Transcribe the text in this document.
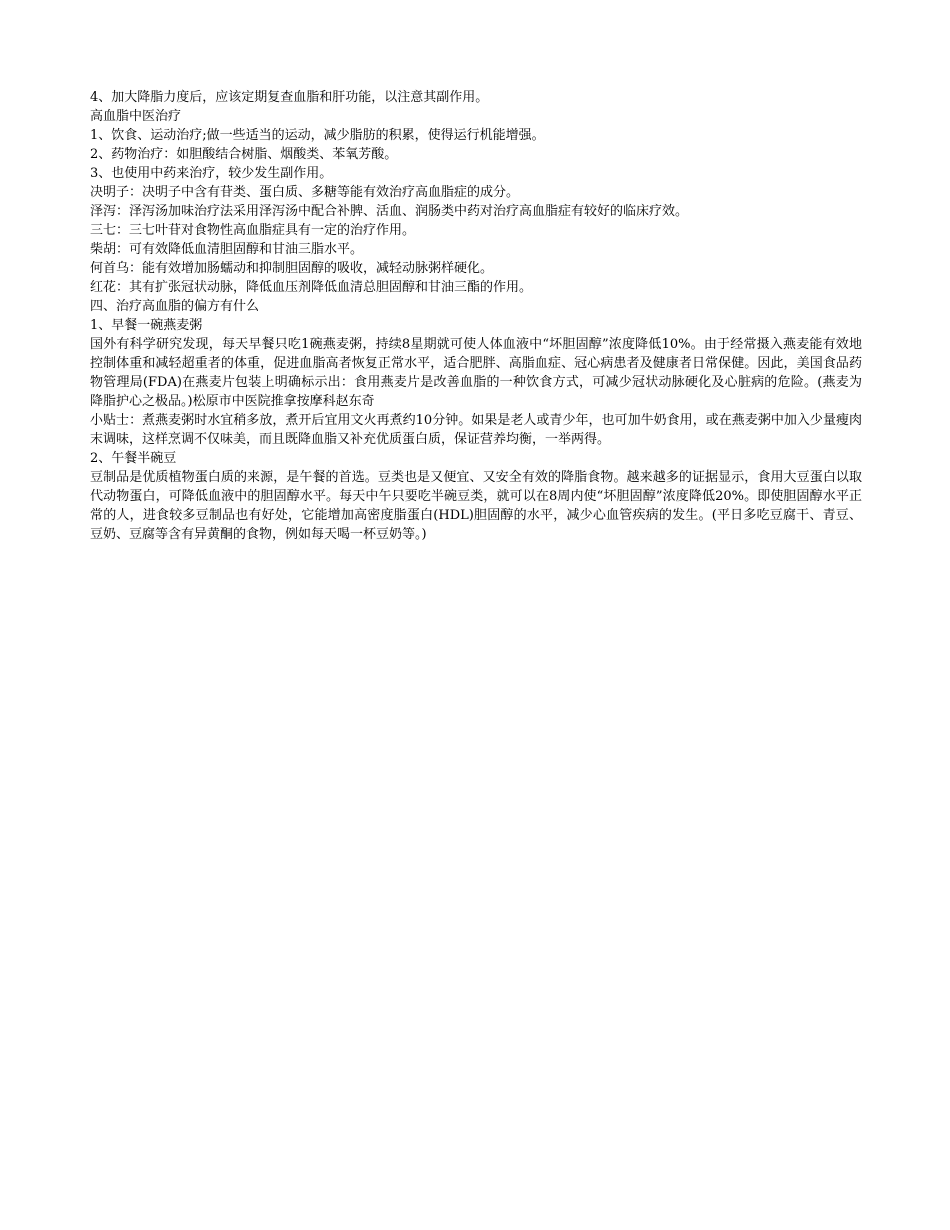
4、加大降脂力度后，应该定期复查血脂和肝功能，以注意其副作用。

高血脂中医治疗

1、饮食、运动治疗;做一些适当的运动，减少脂肪的积累，使得运行机能增强。

2、药物治疗：如胆酸结合树脂、烟酸类、苯氧芳酸。

3、也使用中药来治疗，较少发生副作用。

决明子：决明子中含有苷类、蛋白质、多糖等能有效治疗高血脂症的成分。

泽泻：泽泻汤加味治疗法采用泽泻汤中配合补脾、活血、润肠类中药对治疗高血脂症有较好的临床疗效。

三七：三七叶苷对食物性高血脂症具有一定的治疗作用。

柴胡：可有效降低血清胆固醇和甘油三脂水平。

何首乌：能有效增加肠蠕动和抑制胆固醇的吸收，减轻动脉粥样硬化。

红花：其有扩张冠状动脉，降低血压剂降低血清总胆固醇和甘油三酯的作用。

四、治疗高血脂的偏方有什么

1、早餐一碗燕麦粥

国外有科学研究发现，每天早餐只吃1碗燕麦粥，持续8星期就可使人体血液中“坏胆固醇”浓度降低10%。由于经常摄入燕麦能有效地控制体重和减轻超重者的体重，促进血脂高者恢复正常水平，适合肥胖、高脂血症、冠心病患者及健康者日常保健。因此，美国食品药物管理局(FDA)在燕麦片包装上明确标示出：食用燕麦片是改善血脂的一种饮食方式，可减少冠状动脉硬化及心脏病的危险。(燕麦为降脂护心之极品。)松原市中医院推拿按摩科赵东奇

小贴士：煮燕麦粥时水宜稍多放，煮开后宜用文火再煮约10分钟。如果是老人或青少年，也可加牛奶食用，或在燕麦粥中加入少量瘦肉末调味，这样烹调不仅味美，而且既降血脂又补充优质蛋白质，保证营养均衡，一举两得。

2、午餐半碗豆

豆制品是优质植物蛋白质的来源，是午餐的首选。豆类也是又便宜、又安全有效的降脂食物。越来越多的证据显示，食用大豆蛋白以取代动物蛋白，可降低血液中的胆固醇水平。每天中午只要吃半碗豆类，就可以在8周内使“坏胆固醇”浓度降低20%。即使胆固醇水平正常的人，进食较多豆制品也有好处，它能增加高密度脂蛋白(HDL)胆固醇的水平，减少心血管疾病的发生。(平日多吃豆腐干、青豆、豆奶、豆腐等含有异黄酮的食物，例如每天喝一杯豆奶等。)
